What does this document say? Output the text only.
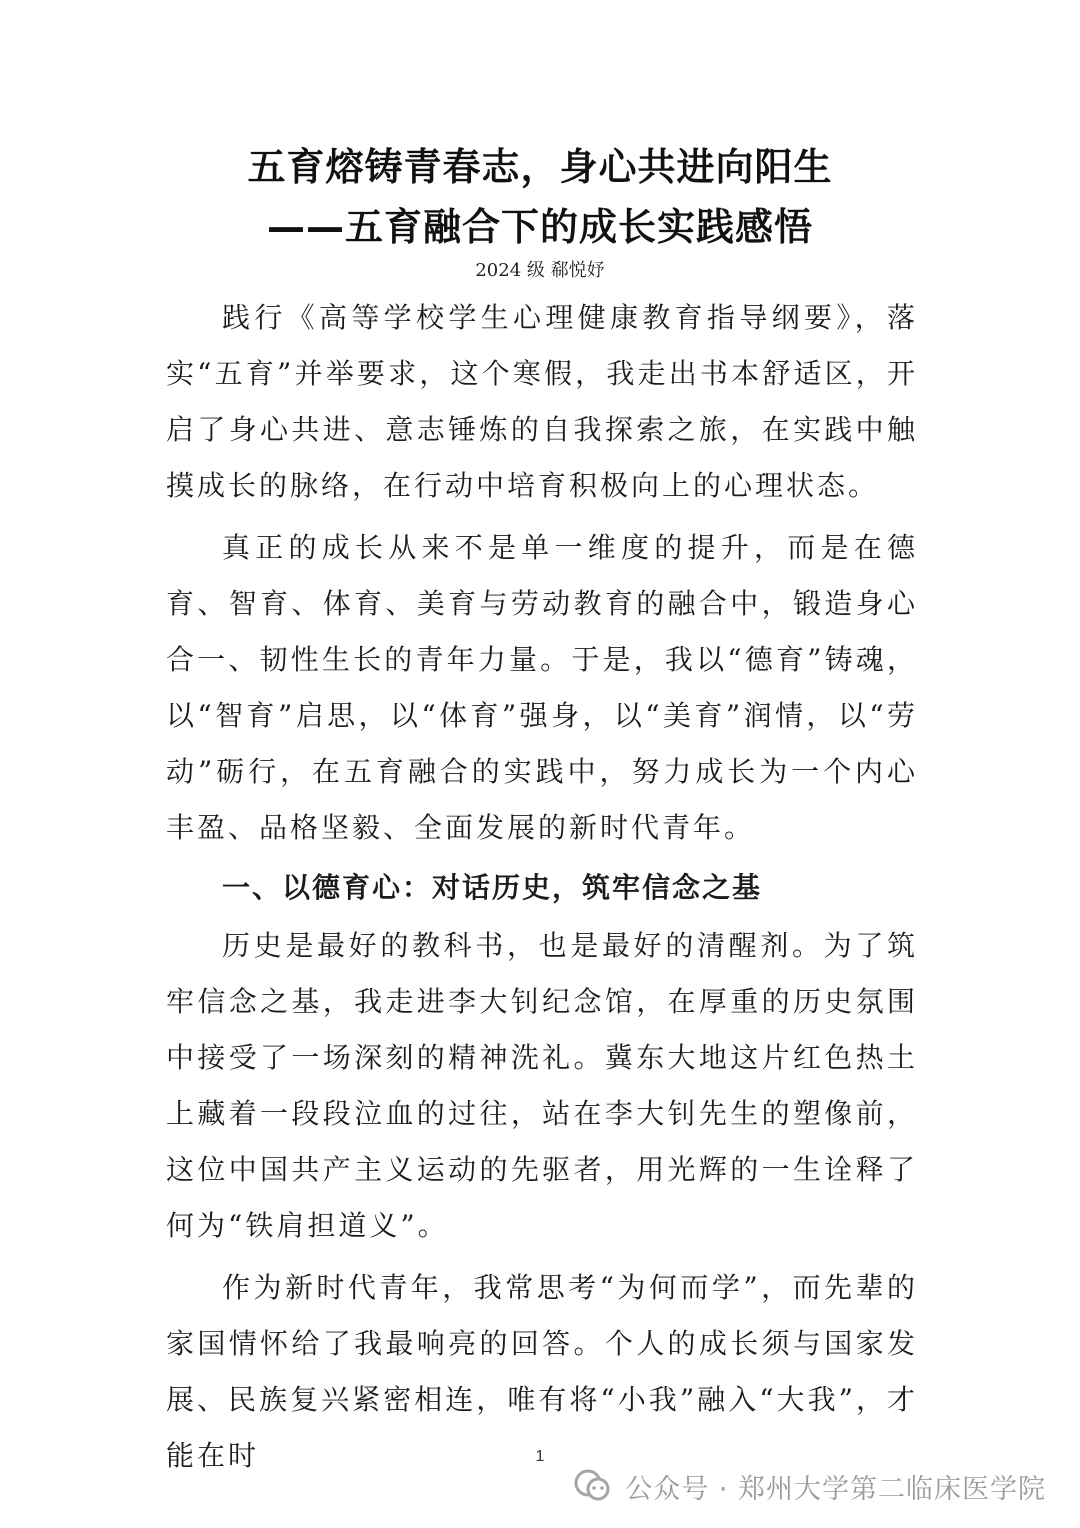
五育熔铸青春志，身心共进向阳生
——五育融合下的成长实践感悟
2024 级 郗悦妤

践行《高等学校学生心理健康教育指导纲要》，落实“五育”并举要求，这个寒假，我走出书本舒适区，开启了身心共进、意志锤炼的自我探索之旅，在实践中触摸成长的脉络，在行动中培育积极向上的心理状态。

真正的成长从来不是单一维度的提升，而是在德育、智育、体育、美育与劳动教育的融合中，锻造身心合一、韧性生长的青年力量。于是，我以“德育”铸魂，以“智育”启思，以“体育”强身，以“美育”润情，以“劳动”砺行，在五育融合的实践中，努力成长为一个内心丰盈、品格坚毅、全面发展的新时代青年。

一、以德育心：对话历史，筑牢信念之基

历史是最好的教科书，也是最好的清醒剂。为了筑牢信念之基，我走进李大钊纪念馆，在厚重的历史氛围中接受了一场深刻的精神洗礼。冀东大地这片红色热土上藏着一段段泣血的过往，站在李大钊先生的塑像前，这位中国共产主义运动的先驱者，用光辉的一生诠释了何为“铁肩担道义”。

作为新时代青年，我常思考“为何而学”，而先辈的家国情怀给了我最响亮的回答。个人的成长须与国家发展、民族复兴紧密相连，唯有将“小我”融入“大我”，才能在时	1
公众号 · 郑州大学第二临床医学院
